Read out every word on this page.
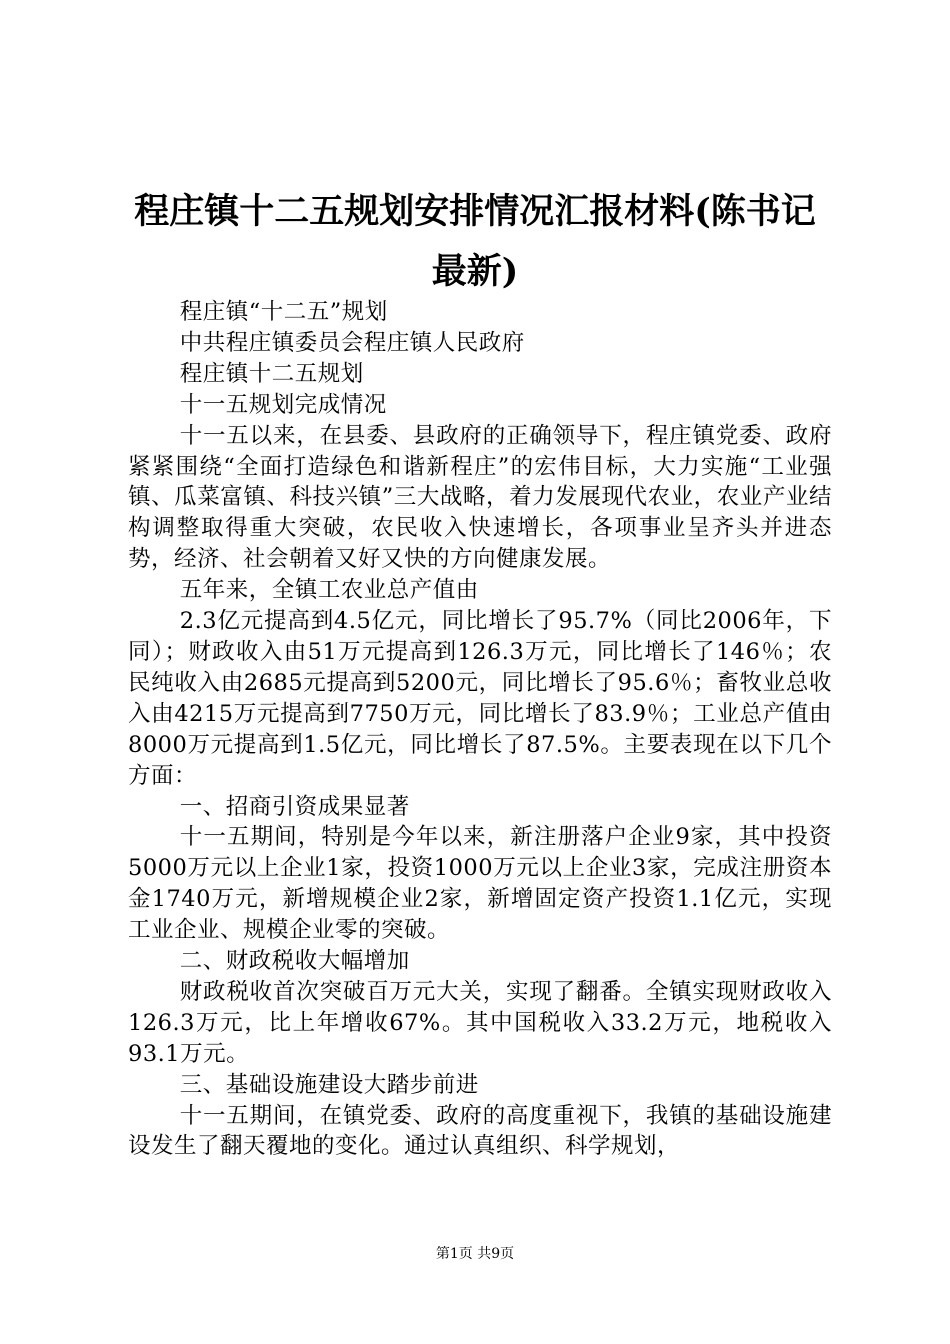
程庄镇十二五规划安排情况汇报材料(陈书记最新)

程庄镇“十二五”规划

中共程庄镇委员会程庄镇人民政府

程庄镇十二五规划

十一五规划完成情况

十一五以来，在县委、县政府的正确领导下，程庄镇党委、政府紧紧围绕“全面打造绿色和谐新程庄”的宏伟目标，大力实施“工业强镇、瓜菜富镇、科技兴镇”三大战略，着力发展现代农业，农业产业结构调整取得重大突破，农民收入快速增长，各项事业呈齐头并进态势，经济、社会朝着又好又快的方向健康发展。

五年来，全镇工农业总产值由

2.3亿元提高到4.5亿元，同比增长了95.7%（同比2006年，下同）；财政收入由51万元提高到126.3万元，同比增长了146％；农民纯收入由2685元提高到5200元，同比增长了95.6％；畜牧业总收入由4215万元提高到7750万元，同比增长了83.9％；工业总产值由8000万元提高到1.5亿元，同比增长了87.5%。主要表现在以下几个方面：

一、招商引资成果显著

十一五期间，特别是今年以来，新注册落户企业9家，其中投资5000万元以上企业1家，投资1000万元以上企业3家，完成注册资本金1740万元，新增规模企业2家，新增固定资产投资1.1亿元，实现工业企业、规模企业零的突破。

二、财政税收大幅增加

财政税收首次突破百万元大关，实现了翻番。全镇实现财政收入126.3万元，比上年增收67%。其中国税收入33.2万元，地税收入93.1万元。

三、基础设施建设大踏步前进

十一五期间，在镇党委、政府的高度重视下，我镇的基础设施建设发生了翻天覆地的变化。通过认真组织、科学规划，

第1页 共9页
